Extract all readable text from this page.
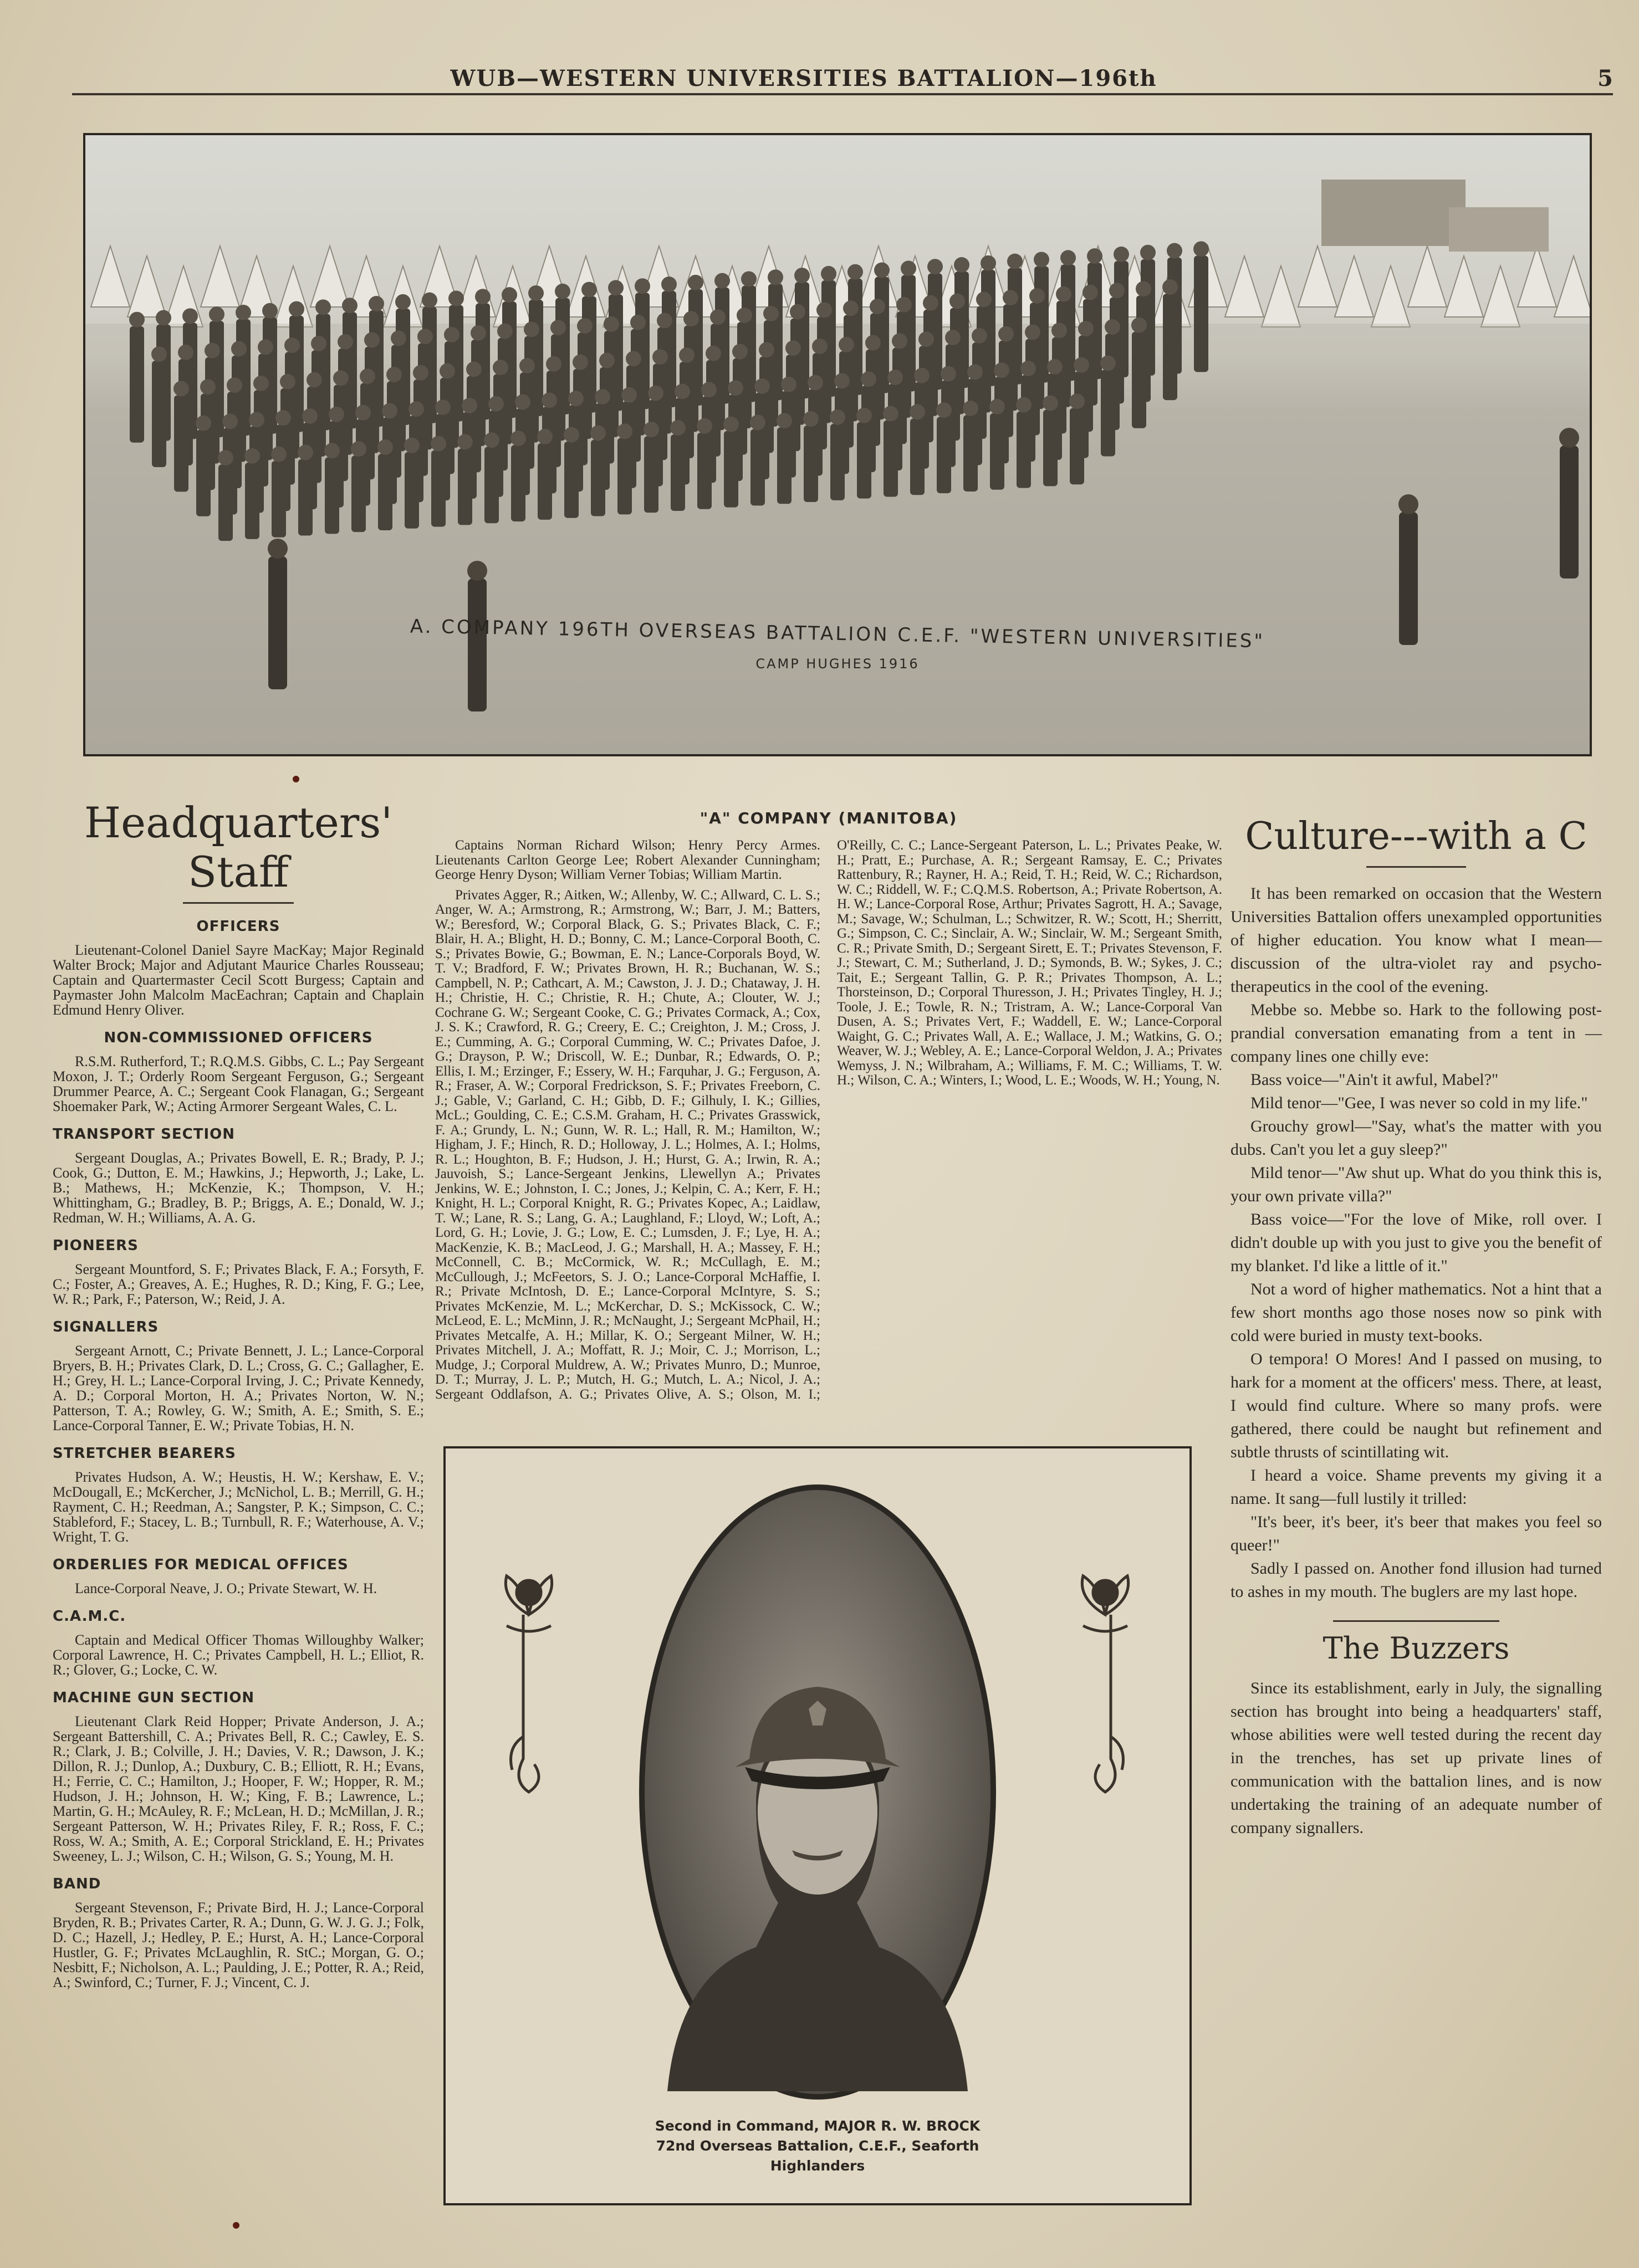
WUB—WESTERN UNIVERSITIES BATTALION—196th	5
A. COMPANY 196TH OVERSEAS BATTALION C.E.F. "WESTERN UNIVERSITIES"
CAMP HUGHES 1916
Headquarters' Staff
OFFICERS

Lieutenant-Colonel Daniel Sayre MacKay; Major Reginald Walter Brock; Major and Adjutant Maurice Charles Rousseau; Captain and Quartermaster Cecil Scott Burgess; Captain and Paymaster John Malcolm MacEachran; Captain and Chaplain Edmund Henry Oliver.

NON-COMMISSIONED OFFICERS

R.S.M. Rutherford, T.; R.Q.M.S. Gibbs, C. L.; Pay Sergeant Moxon, J. T.; Orderly Room Sergeant Ferguson, G.; Sergeant Drummer Pearce, A. C.; Sergeant Cook Flanagan, G.; Sergeant Shoemaker Park, W.; Acting Armorer Sergeant Wales, C. L.

TRANSPORT SECTION

Sergeant Douglas, A.; Privates Bowell, E. R.; Brady, P. J.; Cook, G.; Dutton, E. M.; Hawkins, J.; Hepworth, J.; Lake, L. B.; Mathews, H.; McKenzie, K.; Thompson, V. H.; Whittingham, G.; Bradley, B. P.; Briggs, A. E.; Donald, W. J.; Redman, W. H.; Williams, A. A. G.

PIONEERS

Sergeant Mountford, S. F.; Privates Black, F. A.; Forsyth, F. C.; Foster, A.; Greaves, A. E.; Hughes, R. D.; King, F. G.; Lee, W. R.; Park, F.; Paterson, W.; Reid, J. A.

SIGNALLERS

Sergeant Arnott, C.; Private Bennett, J. L.; Lance-Corporal Bryers, B. H.; Privates Clark, D. L.; Cross, G. C.; Gallagher, E. H.; Grey, H. L.; Lance-Corporal Irving, J. C.; Private Kennedy, A. D.; Corporal Morton, H. A.; Privates Norton, W. N.; Patterson, T. A.; Rowley, G. W.; Smith, A. E.; Smith, S. E.; Lance-Corporal Tanner, E. W.; Private Tobias, H. N.

STRETCHER BEARERS

Privates Hudson, A. W.; Heustis, H. W.; Kershaw, E. V.; McDougall, E.; McKercher, J.; McNichol, L. B.; Merrill, G. H.; Rayment, C. H.; Reedman, A.; Sangster, P. K.; Simpson, C. C.; Stableford, F.; Stacey, L. B.; Turnbull, R. F.; Waterhouse, A. V.; Wright, T. G.

ORDERLIES FOR MEDICAL OFFICES

Lance-Corporal Neave, J. O.; Private Stewart, W. H.

C.A.M.C.

Captain and Medical Officer Thomas Willoughby Walker; Corporal Lawrence, H. C.; Privates Campbell, H. L.; Elliot, R. R.; Glover, G.; Locke, C. W.

MACHINE GUN SECTION

Lieutenant Clark Reid Hopper; Private Anderson, J. A.; Sergeant Battershill, C. A.; Privates Bell, R. C.; Cawley, E. S. R.; Clark, J. B.; Colville, J. H.; Davies, V. R.; Dawson, J. K.; Dillon, R. J.; Dunlop, A.; Duxbury, C. B.; Elliott, R. H.; Evans, H.; Ferrie, C. C.; Hamilton, J.; Hooper, F. W.; Hopper, R. M.; Hudson, J. H.; Johnson, H. W.; King, F. B.; Lawrence, L.; Martin, G. H.; McAuley, R. F.; McLean, H. D.; McMillan, J. R.; Sergeant Patterson, W. H.; Privates Riley, F. R.; Ross, F. C.; Ross, W. A.; Smith, A. E.; Corporal Strickland, E. H.; Privates Sweeney, L. J.; Wilson, C. H.; Wilson, G. S.; Young, M. H.

BAND

Sergeant Stevenson, F.; Private Bird, H. J.; Lance-Corporal Bryden, R. B.; Privates Carter, R. A.; Dunn, G. W. J. G. J.; Folk, D. C.; Hazell, J.; Hedley, P. E.; Hurst, A. H.; Lance-Corporal Hustler, G. F.; Privates McLaughlin, R. StC.; Morgan, G. O.; Nesbitt, F.; Nicholson, A. L.; Paulding, J. E.; Potter, R. A.; Reid, A.; Swinford, C.; Turner, F. J.; Vincent, C. J.

"A" COMPANY (MANITOBA)

Captains Norman Richard Wilson; Henry Percy Armes. Lieutenants Carlton George Lee; Robert Alexander Cunningham; George Henry Dyson; William Verner Tobias; William Martin.

Privates Agger, R.; Aitken, W.; Allenby, W. C.; Allward, C. L. S.; Anger, W. A.; Armstrong, R.; Armstrong, W.; Barr, J. M.; Batters, W.; Beresford, W.; Corporal Black, G. S.; Privates Black, C. F.; Blair, H. A.; Blight, H. D.; Bonny, C. M.; Lance-Corporal Booth, C. S.; Privates Bowie, G.; Bowman, E. N.; Lance-Corporals Boyd, W. T. V.; Bradford, F. W.; Privates Brown, H. R.; Buchanan, W. S.; Campbell, N. P.; Cathcart, A. M.; Cawston, J. J. D.; Chataway, J. H. H.; Christie, H. C.; Christie, R. H.; Chute, A.; Clouter, W. J.; Cochrane G. W.; Sergeant Cooke, C. G.; Privates Cormack, A.; Cox, J. S. K.; Crawford, R. G.; Creery, E. C.; Creighton, J. M.; Cross, J. E.; Cumming, A. G.; Corporal Cumming, W. C.; Privates Dafoe, J. G.; Drayson, P. W.; Driscoll, W. E.; Dunbar, R.; Edwards, O. P.; Ellis, I. M.; Erzinger, F.; Essery, W. H.; Farquhar, J. G.; Ferguson, A. R.; Fraser, A. W.; Corporal Fredrickson, S. F.; Privates Freeborn, C. J.; Gable, V.; Garland, C. H.; Gibb, D. F.; Gilhuly, I. K.; Gillies, McL.; Goulding, C. E.; C.S.M. Graham, H. C.; Privates Grasswick, F. A.; Grundy, L. N.; Gunn, W. R. L.; Hall, R. M.; Hamilton, W.; Higham, J. F.; Hinch, R. D.; Holloway, J. L.; Holmes, A. I.; Holms, R. L.; Houghton, B. F.; Hudson, J. H.; Hurst, G. A.; Irwin, R. A.; Jauvoish, S.; Lance-Sergeant Jenkins, Llewellyn A.; Privates Jenkins, W. E.; Johnston, I. C.; Jones, J.; Kelpin, C. A.; Kerr, F. H.; Knight, H. L.; Corporal Knight, R. G.; Privates Kopec, A.; Laidlaw, T. W.; Lane, R. S.; Lang, G. A.; Laughland, F.; Lloyd, W.; Loft, A.; Lord, G. H.; Lovie, J. G.; Low, E. C.; Lumsden, J. F.; Lye, H. A.; MacKenzie, K. B.; MacLeod, J. G.; Marshall, H. A.; Massey, F. H.; McConnell, C. B.; McCormick, W. R.; McCullagh, E. M.; McCullough, J.; McFeetors, S. J. O.; Lance-Corporal McHaffie, I. R.; Private McIntosh, D. E.; Lance-Corporal McIntyre, S. S.; Privates McKenzie, M. L.; McKerchar, D. S.; McKissock, C. W.; McLeod, E. L.; McMinn, J. R.; McNaught, J.; Sergeant McPhail, H.; Privates Metcalfe, A. H.; Millar, K. O.; Sergeant Milner, W. H.; Privates Mitchell, J. A.; Moffatt, R. J.; Moir, C. J.; Morrison, L.; Mudge, J.; Corporal Muldrew, A. W.; Privates Munro, D.; Munroe, D. T.; Murray, J. L. P.; Mutch, H. G.; Mutch, L. A.; Nicol, J. A.; Sergeant Oddlafson, A. G.; Privates Olive, A. S.; Olson, M. I.; O'Reilly, C. C.; Lance-Sergeant Paterson, L. L.; Privates Peake, W. H.; Pratt, E.; Purchase, A. R.; Sergeant Ramsay, E. C.; Privates Rattenbury, R.; Rayner, H. A.; Reid, T. H.; Reid, W. C.; Richardson, W. C.; Riddell, W. F.; C.Q.M.S. Robertson, A.; Private Robertson, A. H. W.; Lance-Corporal Rose, Arthur; Privates Sagrott, H. A.; Savage, M.; Savage, W.; Schulman, L.; Schwitzer, R. W.; Scott, H.; Sherritt, G.; Simpson, C. C.; Sinclair, A. W.; Sinclair, W. M.; Sergeant Smith, C. R.; Private Smith, D.; Sergeant Sirett, E. T.; Privates Stevenson, F. J.; Stewart, C. M.; Sutherland, J. D.; Symonds, B. W.; Sykes, J. C.; Tait, E.; Sergeant Tallin, G. P. R.; Privates Thompson, A. L.; Thorsteinson, D.; Corporal Thuresson, J. H.; Privates Tingley, H. J.; Toole, J. E.; Towle, R. N.; Tristram, A. W.; Lance-Corporal Van Dusen, A. S.; Privates Vert, F.; Waddell, E. W.; Lance-Corporal Waight, G. C.; Privates Wall, A. E.; Wallace, J. M.; Watkins, G. O.; Weaver, W. J.; Webley, A. E.; Lance-Corporal Weldon, J. A.; Privates Wemyss, J. N.; Wilbraham, A.; Williams, F. M. C.; Williams, T. W. H.; Wilson, C. A.; Winters, I.; Wood, L. E.; Woods, W. H.; Young, N.

Second in Command, MAJOR R. W. BROCK
72nd Overseas Battalion, C.E.F., Seaforth
Highlanders
Culture---with a C

It has been remarked on occasion that the Western Universities Battalion offers unexampled opportunities of higher education. You know what I mean—discussion of the ultra-violet ray and psycho-therapeutics in the cool of the evening.

Mebbe so. Mebbe so. Hark to the following post-prandial conversation emanating from a tent in — company lines one chilly eve:

Bass voice—"Ain't it awful, Mabel?"

Mild tenor—"Gee, I was never so cold in my life."

Grouchy growl—"Say, what's the matter with you dubs. Can't you let a guy sleep?"

Mild tenor—"Aw shut up. What do you think this is, your own private villa?"

Bass voice—"For the love of Mike, roll over. I didn't double up with you just to give you the benefit of my blanket. I'd like a little of it."

Not a word of higher mathematics. Not a hint that a few short months ago those noses now so pink with cold were buried in musty text-books.

O tempora! O Mores! And I passed on musing, to hark for a moment at the officers' mess. There, at least, I would find culture. Where so many profs. were gathered, there could be naught but refinement and subtle thrusts of scintillating wit.

I heard a voice. Shame prevents my giving it a name. It sang—full lustily it trilled:

"It's beer, it's beer, it's beer that makes you feel so queer!"

Sadly I passed on. Another fond illusion had turned to ashes in my mouth. The buglers are my last hope.

The Buzzers

Since its establishment, early in July, the signalling section has brought into being a headquarters' staff, whose abilities were well tested during the recent day in the trenches, has set up private lines of communication with the battalion lines, and is now undertaking the training of an adequate number of company signallers.
